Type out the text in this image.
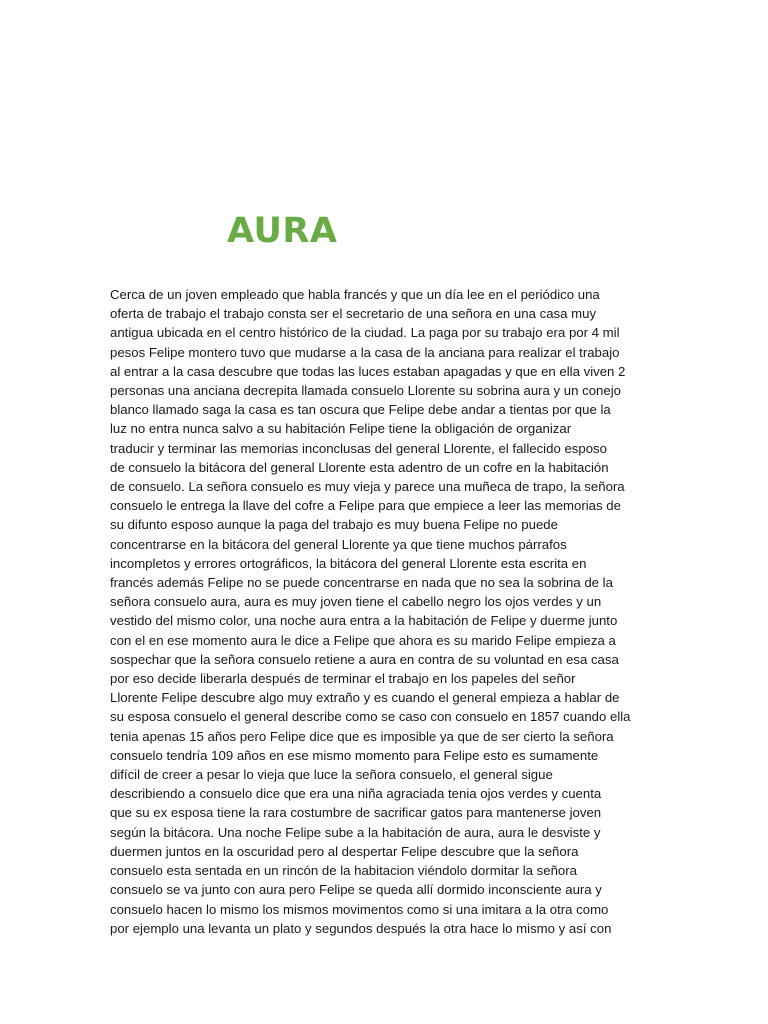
AURA
Cerca de un joven empleado que habla francés y que un día lee en el periódico una
oferta de trabajo el trabajo consta ser el secretario de una señora en una casa muy
antigua ubicada en el centro histórico de la ciudad. La paga por su trabajo era por 4 mil
pesos Felipe montero tuvo que mudarse a la casa de la anciana para realizar el trabajo
al entrar a la casa descubre que todas las luces estaban apagadas y que en ella viven 2
personas una anciana decrepita llamada consuelo Llorente su sobrina aura y un conejo
blanco llamado saga la casa es tan oscura que Felipe debe andar a tientas por que la
luz no entra nunca salvo a su habitación Felipe tiene la obligación de organizar
traducir y terminar las memorias inconclusas del general Llorente, el fallecido esposo
de consuelo la bitácora del general Llorente esta adentro de un cofre en la habitación
de consuelo. La señora consuelo es muy vieja y parece una muñeca de trapo, la señora
consuelo le entrega la llave del cofre a Felipe para que empiece a leer las memorias de
su difunto esposo aunque la paga del trabajo es muy buena Felipe no puede
concentrarse en la bitácora del general Llorente ya que tiene muchos párrafos
incompletos y errores ortográficos, la bitácora del general Llorente esta escrita en
francés además Felipe no se puede concentrarse en nada que no sea la sobrina de la
señora consuelo aura, aura es muy joven tiene el cabello negro los ojos verdes y un
vestido del mismo color, una noche aura entra a la habitación de Felipe y duerme junto
con el en ese momento aura le dice a Felipe que ahora es su marido Felipe empieza a
sospechar que la señora consuelo retiene a aura en contra de su voluntad en esa casa
por eso decide liberarla después de terminar el trabajo en los papeles del señor
Llorente Felipe descubre algo muy extraño y es cuando el general empieza a hablar de
su esposa consuelo el general describe como se caso con consuelo en 1857 cuando ella
tenia apenas 15 años pero Felipe dice que es imposible ya que de ser cierto la señora
consuelo tendría 109 años en ese mismo momento para Felipe esto es sumamente
difícil de creer a pesar lo vieja que luce la señora consuelo, el general sigue
describiendo a consuelo dice que era una niña agraciada tenia ojos verdes y cuenta
que su ex esposa tiene la rara costumbre de sacrificar gatos para mantenerse joven
según la bitácora. Una noche Felipe sube a la habitación de aura, aura le desviste y
duermen juntos en la oscuridad pero al despertar Felipe descubre que la señora
consuelo esta sentada en un rincón de la habitacion viéndolo dormitar la señora
consuelo se va junto con aura pero Felipe se queda allí dormido inconsciente aura y
consuelo hacen lo mismo los mismos movimentos como si una imitara a la otra como
por ejemplo una levanta un plato y segundos después la otra hace lo mismo y así con
